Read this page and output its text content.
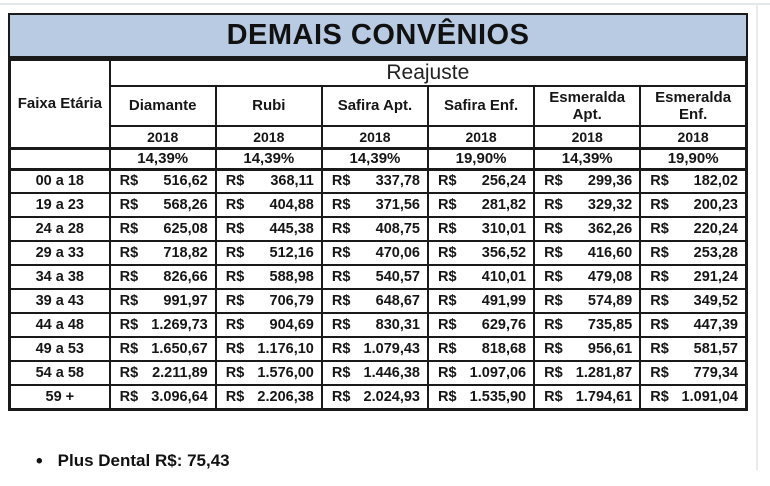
DEMAIS CONVÊNIOS
Faixa Etária	Reajuste					
	Diamante	Rubi	Safira Apt.	Safira Enf.	Esmeralda Apt.	Esmeralda Enf.
	2018	2018	2018	2018	2018	2018
	14,39%	14,39%	14,39%	19,90%	14,39%	19,90%
00 a 18	R$ 516,62	R$ 368,11	R$ 337,78	R$ 256,24	R$ 299,36	R$ 182,02

19 a 23	R$ 568,26	R$ 404,88	R$ 371,56	R$ 281,82	R$ 329,32	R$ 200,23

24 a 28	R$ 625,08	R$ 445,38	R$ 408,75	R$ 310,01	R$ 362,26	R$ 220,24

29 a 33	R$ 718,82	R$ 512,16	R$ 470,06	R$ 356,52	R$ 416,60	R$ 253,28

34 a 38	R$ 826,66	R$ 588,98	R$ 540,57	R$ 410,01	R$ 479,08	R$ 291,24

39 a 43	R$ 991,97	R$ 706,79	R$ 648,67	R$ 491,99	R$ 574,89	R$ 349,52

44 a 48	R$ 1.269,73	R$ 904,69	R$ 830,31	R$ 629,76	R$ 735,85	R$ 447,39

49 a 53	R$ 1.650,67	R$ 1.176,10	R$ 1.079,43	R$ 818,68	R$ 956,61	R$ 581,57

54 a 58	R$ 2.211,89	R$ 1.576,00	R$ 1.446,38	R$ 1.097,06	R$ 1.281,87	R$ 779,34

59 +	R$ 3.096,64	R$ 2.206,38	R$ 2.024,93	R$ 1.535,90	R$ 1.794,61	R$ 1.091,04
• Plus Dental R$: 75,43
